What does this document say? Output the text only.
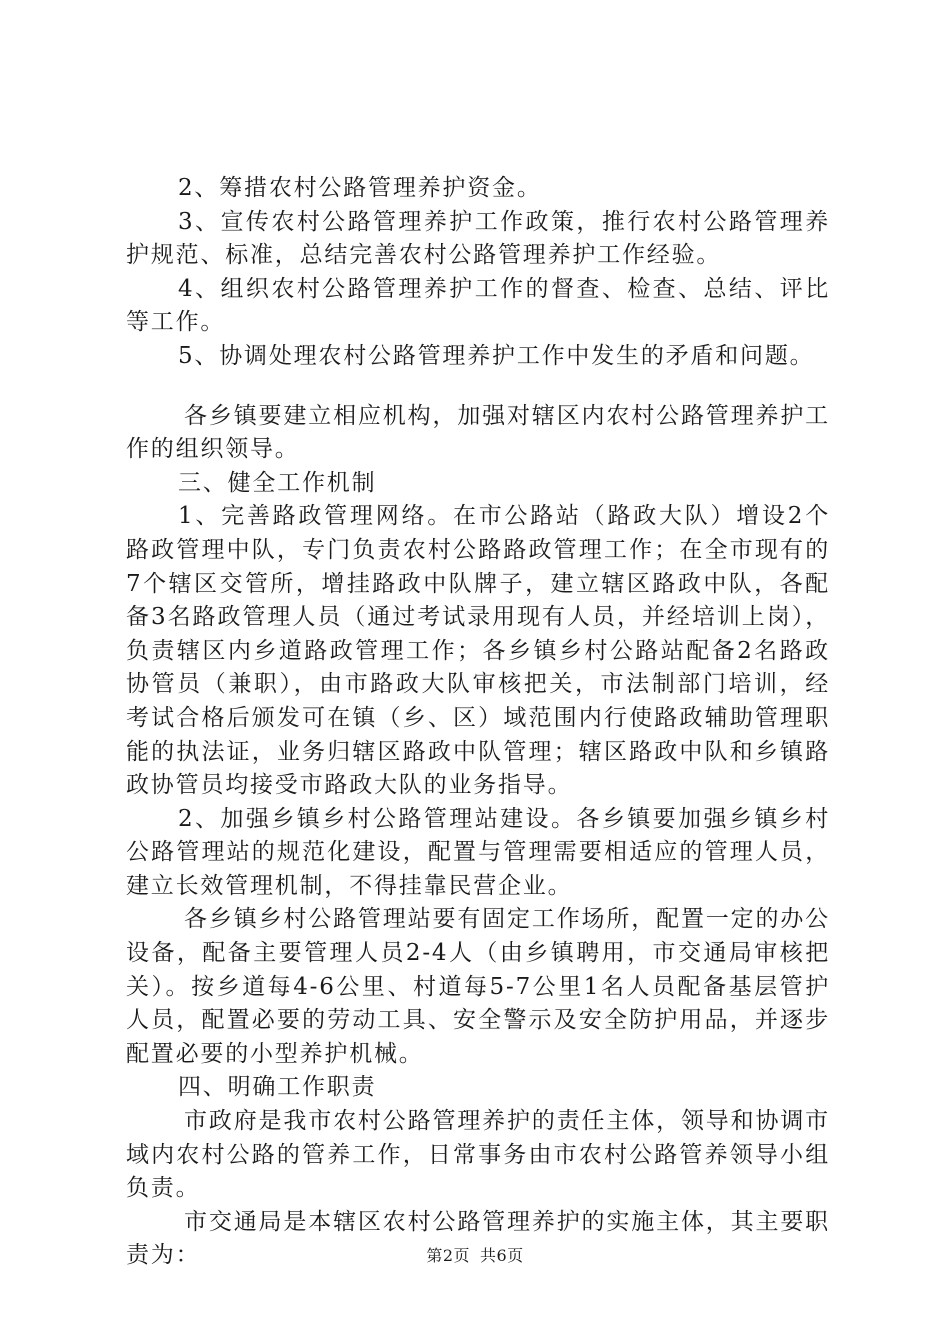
2、筹措农村公路管理养护资金。

3、宣传农村公路管理养护工作政策，推行农村公路管理养护规范、标准，总结完善农村公路管理养护工作经验。

4、组织农村公路管理养护工作的督查、检查、总结、评比等工作。

5、协调处理农村公路管理养护工作中发生的矛盾和问题。

各乡镇要建立相应机构，加强对辖区内农村公路管理养护工作的组织领导。

三、健全工作机制

1、完善路政管理网络。在市公路站（路政大队）增设2个路政管理中队，专门负责农村公路路政管理工作；在全市现有的7个辖区交管所，增挂路政中队牌子，建立辖区路政中队，各配备3名路政管理人员（通过考试录用现有人员，并经培训上岗），负责辖区内乡道路政管理工作；各乡镇乡村公路站配备2名路政协管员（兼职），由市路政大队审核把关，市法制部门培训，经考试合格后颁发可在镇（乡、区）域范围内行使路政辅助管理职能的执法证，业务归辖区路政中队管理；辖区路政中队和乡镇路政协管员均接受市路政大队的业务指导。

2、加强乡镇乡村公路管理站建设。各乡镇要加强乡镇乡村公路管理站的规范化建设，配置与管理需要相适应的管理人员，建立长效管理机制，不得挂靠民营企业。

各乡镇乡村公路管理站要有固定工作场所，配置一定的办公设备，配备主要管理人员2-4人（由乡镇聘用，市交通局审核把关）。按乡道每4-6公里、村道每5-7公里1名人员配备基层管护人员，配置必要的劳动工具、安全警示及安全防护用品，并逐步配置必要的小型养护机械。

四、明确工作职责

市政府是我市农村公路管理养护的责任主体，领导和协调市域内农村公路的管养工作，日常事务由市农村公路管养领导小组负责。

市交通局是本辖区农村公路管理养护的实施主体，其主要职责为：	第2页 共6页
